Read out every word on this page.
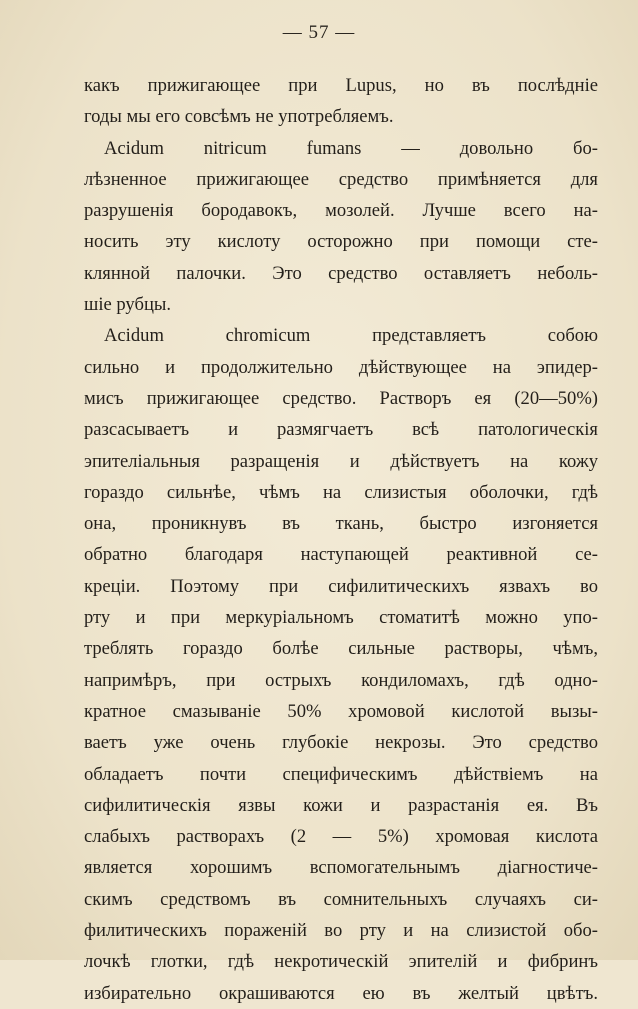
— 57 —
какъ прижигающее при Lupus, но въ послѣдніе
годы мы его совсѣмъ не употребляемъ.
Acidum nitricum fumans — довольно бо-
лѣзненное прижигающее средство примѣняется для
разрушенія бородавокъ, мозолей. Лучше всего на-
носить эту кислоту осторожно при помощи сте-
клянной палочки. Это средство оставляетъ неболь-
шіе рубцы.
Acidum chromicum представляетъ собою
сильно и продолжительно дѣйствующее на эпидер-
мисъ прижигающее средство. Растворъ ея (20—50%)
разсасываетъ и размягчаетъ всѣ патологическія
эпителіальныя разращенія и дѣйствуетъ на кожу
гораздо сильнѣе, чѣмъ на слизистыя оболочки, гдѣ
она, проникнувъ въ ткань, быстро изгоняется
обратно благодаря наступающей реактивной се-
креціи. Поэтому при сифилитическихъ язвахъ во
рту и при меркуріальномъ стоматитѣ можно упо-
треблять гораздо болѣе сильные растворы, чѣмъ,
напримѣръ, при острыхъ кондиломахъ, гдѣ одно-
кратное смазываніе 50% хромовой кислотой вызы-
ваетъ уже очень глубокіе некрозы. Это средство
обладаетъ почти специфическимъ дѣйствіемъ на
сифилитическія язвы кожи и разрастанія ея. Въ
слабыхъ растворахъ (2 — 5%) хромовая кислота
является хорошимъ вспомогательнымъ діагностиче-
скимъ средствомъ въ сомнительныхъ случаяхъ си-
филитическихъ пораженій во рту и на слизистой обо-
лочкѣ глотки, гдѣ некротическій эпителій и фибринъ
избирательно окрашиваются ею въ желтый цвѣтъ.
